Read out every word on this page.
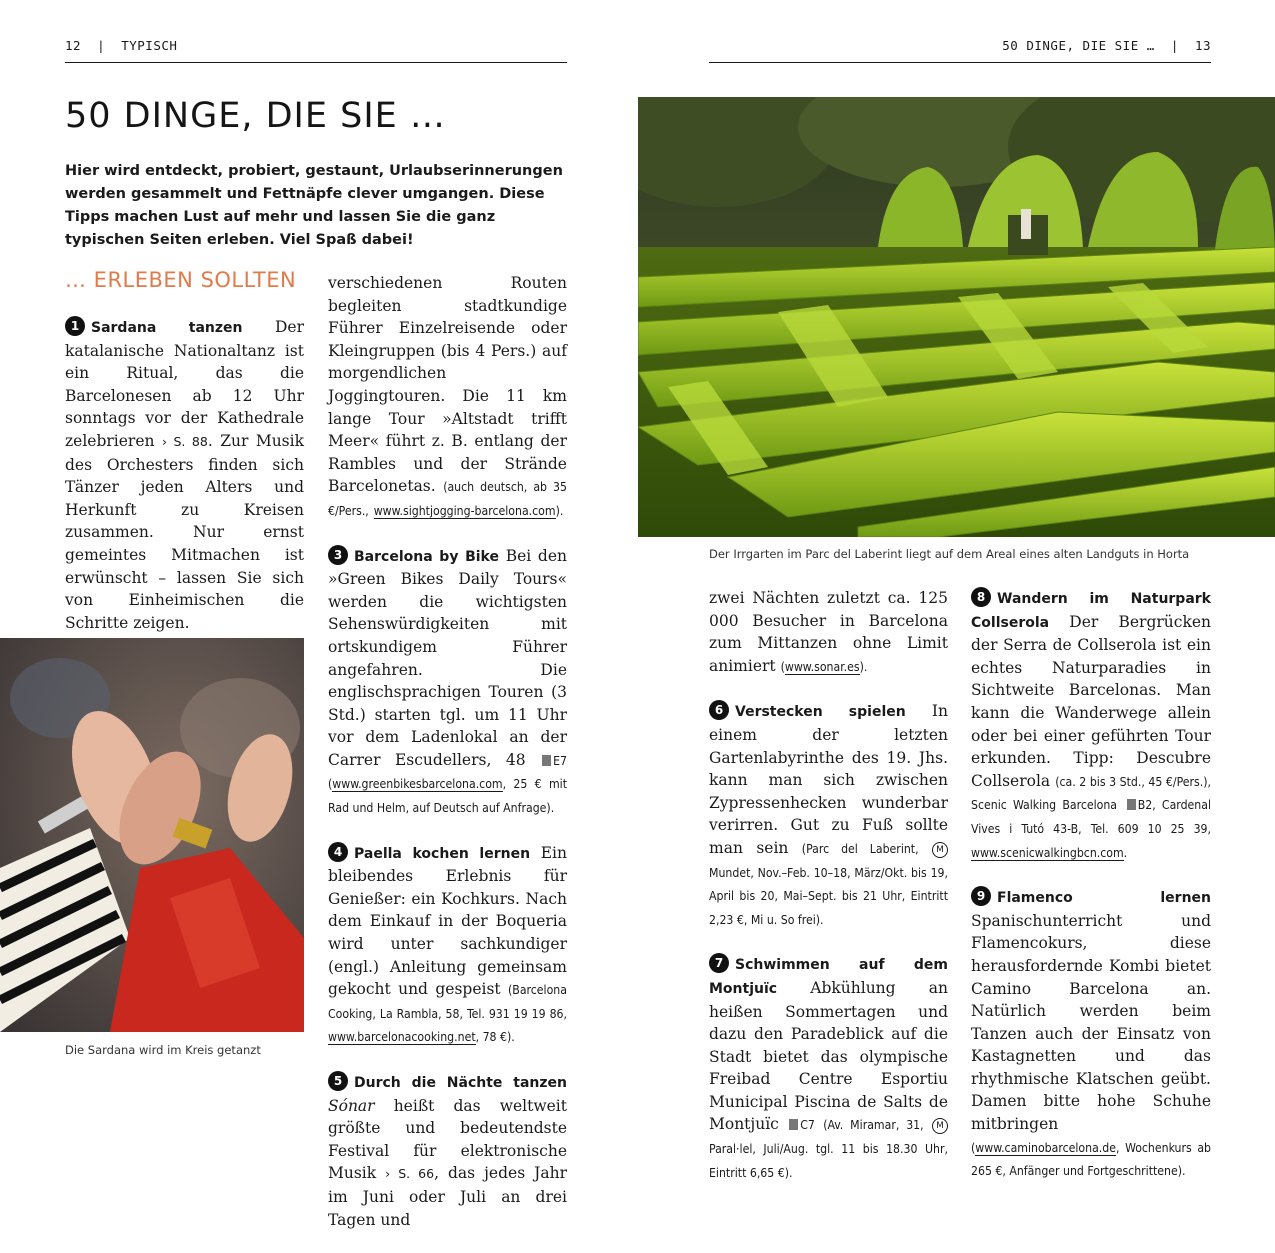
12 | TYPISCH	50 DINGE, DIE SIE … | 13
50 DINGE, DIE SIE …

Hier wird entdeckt, probiert, gestaunt, Urlaubserinnerungen werden gesammelt und Fettnäpfe clever umgangen. Diese Tipps machen Lust auf mehr und lassen Sie die ganz typischen Seiten erleben. Viel Spaß dabei!

… ERLEBEN SOLLTEN

1 Sardana tanzen Der katalanische Nationaltanz ist ein Ritual, das die Barcelonesen ab 12 Uhr sonntags vor der Kathedrale zelebrieren › S. 88. Zur Musik des Orchesters finden sich Tänzer jeden Alters und Herkunft zu Kreisen zusammen. Nur ernst gemeintes Mitmachen ist erwünscht – lassen Sie sich von Einheimischen die Schritte zeigen.

verschiedenen Routen begleiten stadtkundige Führer Einzelreisende oder Kleingruppen (bis 4 Pers.) auf morgendlichen Joggingtouren. Die 11 km lange Tour »Altstadt trifft Meer« führt z. B. entlang der Rambles und der Strände Barcelonetas. (auch deutsch, ab 35 €/Pers., www.sightjogging-barcelona.com).

3 Barcelona by Bike Bei den »Green Bikes Daily Tours« werden die wichtigsten Sehenswürdigkeiten mit ortskundigem Führer angefahren. Die englischsprachigen Touren (3 Std.) starten tgl. um 11 Uhr vor dem Ladenlokal an der Carrer Escudellers, 48 E7 (www.greenbikesbarcelona.com, 25 € mit Rad und Helm, auf Deutsch auf Anfrage).

4 Paella kochen lernen Ein bleibendes Erlebnis für Genießer: ein Kochkurs. Nach dem Einkauf in der Boqueria wird unter sachkundiger (engl.) Anleitung gemeinsam gekocht und gespeist (Barcelona Cooking, La Rambla, 58, Tel. 931 19 19 86, www.barcelonacooking.net, 78 €).

5 Durch die Nächte tanzen Sónar heißt das weltweit größte und bedeutendste Festival für elektronische Musik › S. 66, das jedes Jahr im Juni oder Juli an drei Tagen und

Der Irrgarten im Parc del Laberint liegt auf dem Areal eines alten Landguts in Horta
Die Sardana wird im Kreis getanzt

zwei Nächten zuletzt ca. 125 000 Besucher in Barcelona zum Mittanzen ohne Limit animiert (www.sonar.es).

6 Verstecken spielen In einem der letzten Gartenlabyrinthe des 19. Jhs. kann man sich zwischen Zypressenhecken wunderbar verirren. Gut zu Fuß sollte man sein (Parc del Laberint, M Mundet, Nov.–Feb. 10–18, März/Okt. bis 19, April bis 20, Mai–Sept. bis 21 Uhr, Eintritt 2,23 €, Mi u. So frei).

7 Schwimmen auf dem Montjuïc Abkühlung an heißen Sommertagen und dazu den Paradeblick auf die Stadt bietet das olympische Freibad Centre Esportiu Municipal Piscina de Salts de Montjuïc C7 (Av. Miramar, 31, M Paral·lel, Juli/Aug. tgl. 11 bis 18.30 Uhr, Eintritt 6,65 €).

8 Wandern im Naturpark Collserola Der Bergrücken der Serra de Collserola ist ein echtes Naturparadies in Sichtweite Barcelonas. Man kann die Wanderwege allein oder bei einer geführten Tour erkunden. Tipp: Descubre Collserola (ca. 2 bis 3 Std., 45 €/Pers.), Scenic Walking Barcelona B2, Cardenal Vives i Tutó 43-B, Tel. 609 10 25 39, www.scenicwalkingbcn.com.

9 Flamenco lernen Spanischunterricht und Flamencokurs, diese herausfordernde Kombi bietet Camino Barcelona an. Natürlich werden beim Tanzen auch der Einsatz von Kastagnetten und das rhythmische Klatschen geübt. Damen bitte hohe Schuhe mitbringen (www.caminobarcelona.de, Wochenkurs ab 265 €, Anfänger und Fortgeschrittene).
